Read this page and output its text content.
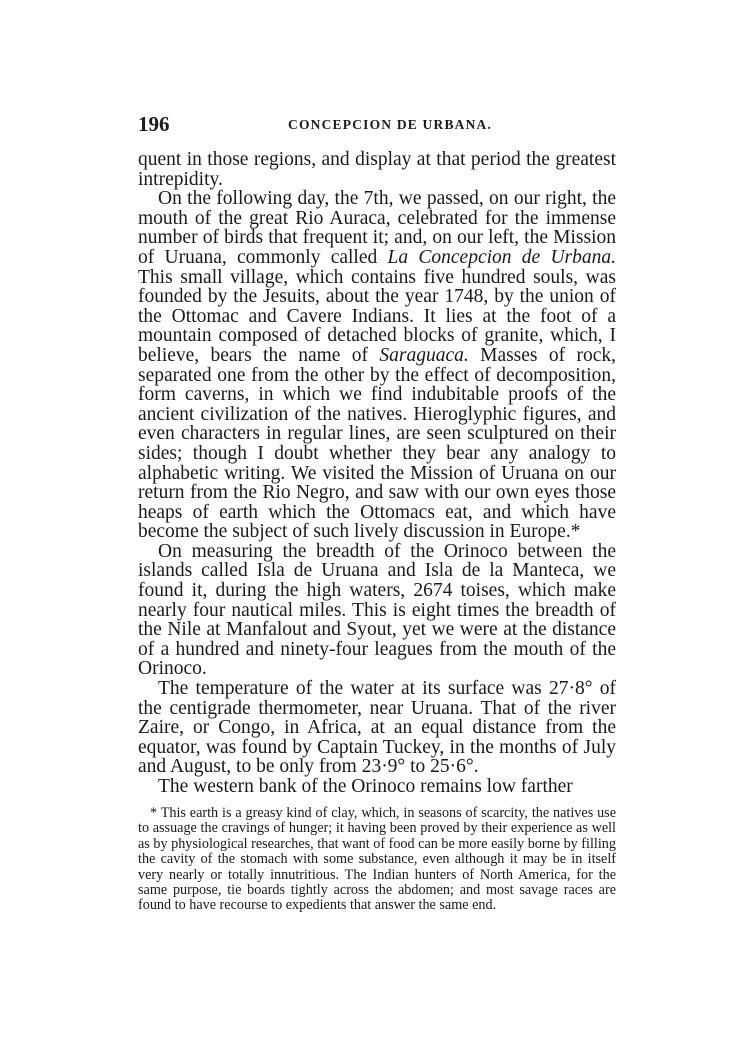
196	CONCEPCION DE URBANA.

quent in those regions, and display at that period the greatest intrepidity.

On the following day, the 7th, we passed, on our right, the mouth of the great Rio Auraca, celebrated for the immense number of birds that frequent it; and, on our left, the Mission of Uruana, commonly called La Concepcion de Urbana. This small village, which contains five hundred souls, was founded by the Jesuits, about the year 1748, by the union of the Ottomac and Cavere Indians. It lies at the foot of a mountain composed of detached blocks of granite, which, I believe, bears the name of Saraguaca. Masses of rock, separated one from the other by the effect of decomposition, form caverns, in which we find indubitable proofs of the ancient civilization of the natives. Hieroglyphic figures, and even characters in regular lines, are seen sculptured on their sides; though I doubt whether they bear any analogy to alphabetic writing. We visited the Mission of Uruana on our return from the Rio Negro, and saw with our own eyes those heaps of earth which the Ottomacs eat, and which have become the subject of such lively discussion in Europe.*

On measuring the breadth of the Orinoco between the islands called Isla de Uruana and Isla de la Manteca, we found it, during the high waters, 2674 toises, which make nearly four nautical miles. This is eight times the breadth of the Nile at Manfalout and Syout, yet we were at the distance of a hundred and ninety-four leagues from the mouth of the Orinoco.

The temperature of the water at its surface was 27·8° of the centigrade thermometer, near Uruana. That of the river Zaire, or Congo, in Africa, at an equal distance from the equator, was found by Captain Tuckey, in the months of July and August, to be only from 23·9° to 25·6°.

The western bank of the Orinoco remains low farther

* This earth is a greasy kind of clay, which, in seasons of scarcity, the natives use to assuage the cravings of hunger; it having been proved by their experience as well as by physiological researches, that want of food can be more easily borne by filling the cavity of the stomach with some substance, even although it may be in itself very nearly or totally innutritious. The Indian hunters of North America, for the same purpose, tie boards tightly across the abdomen; and most savage races are found to have recourse to expedients that answer the same end.
